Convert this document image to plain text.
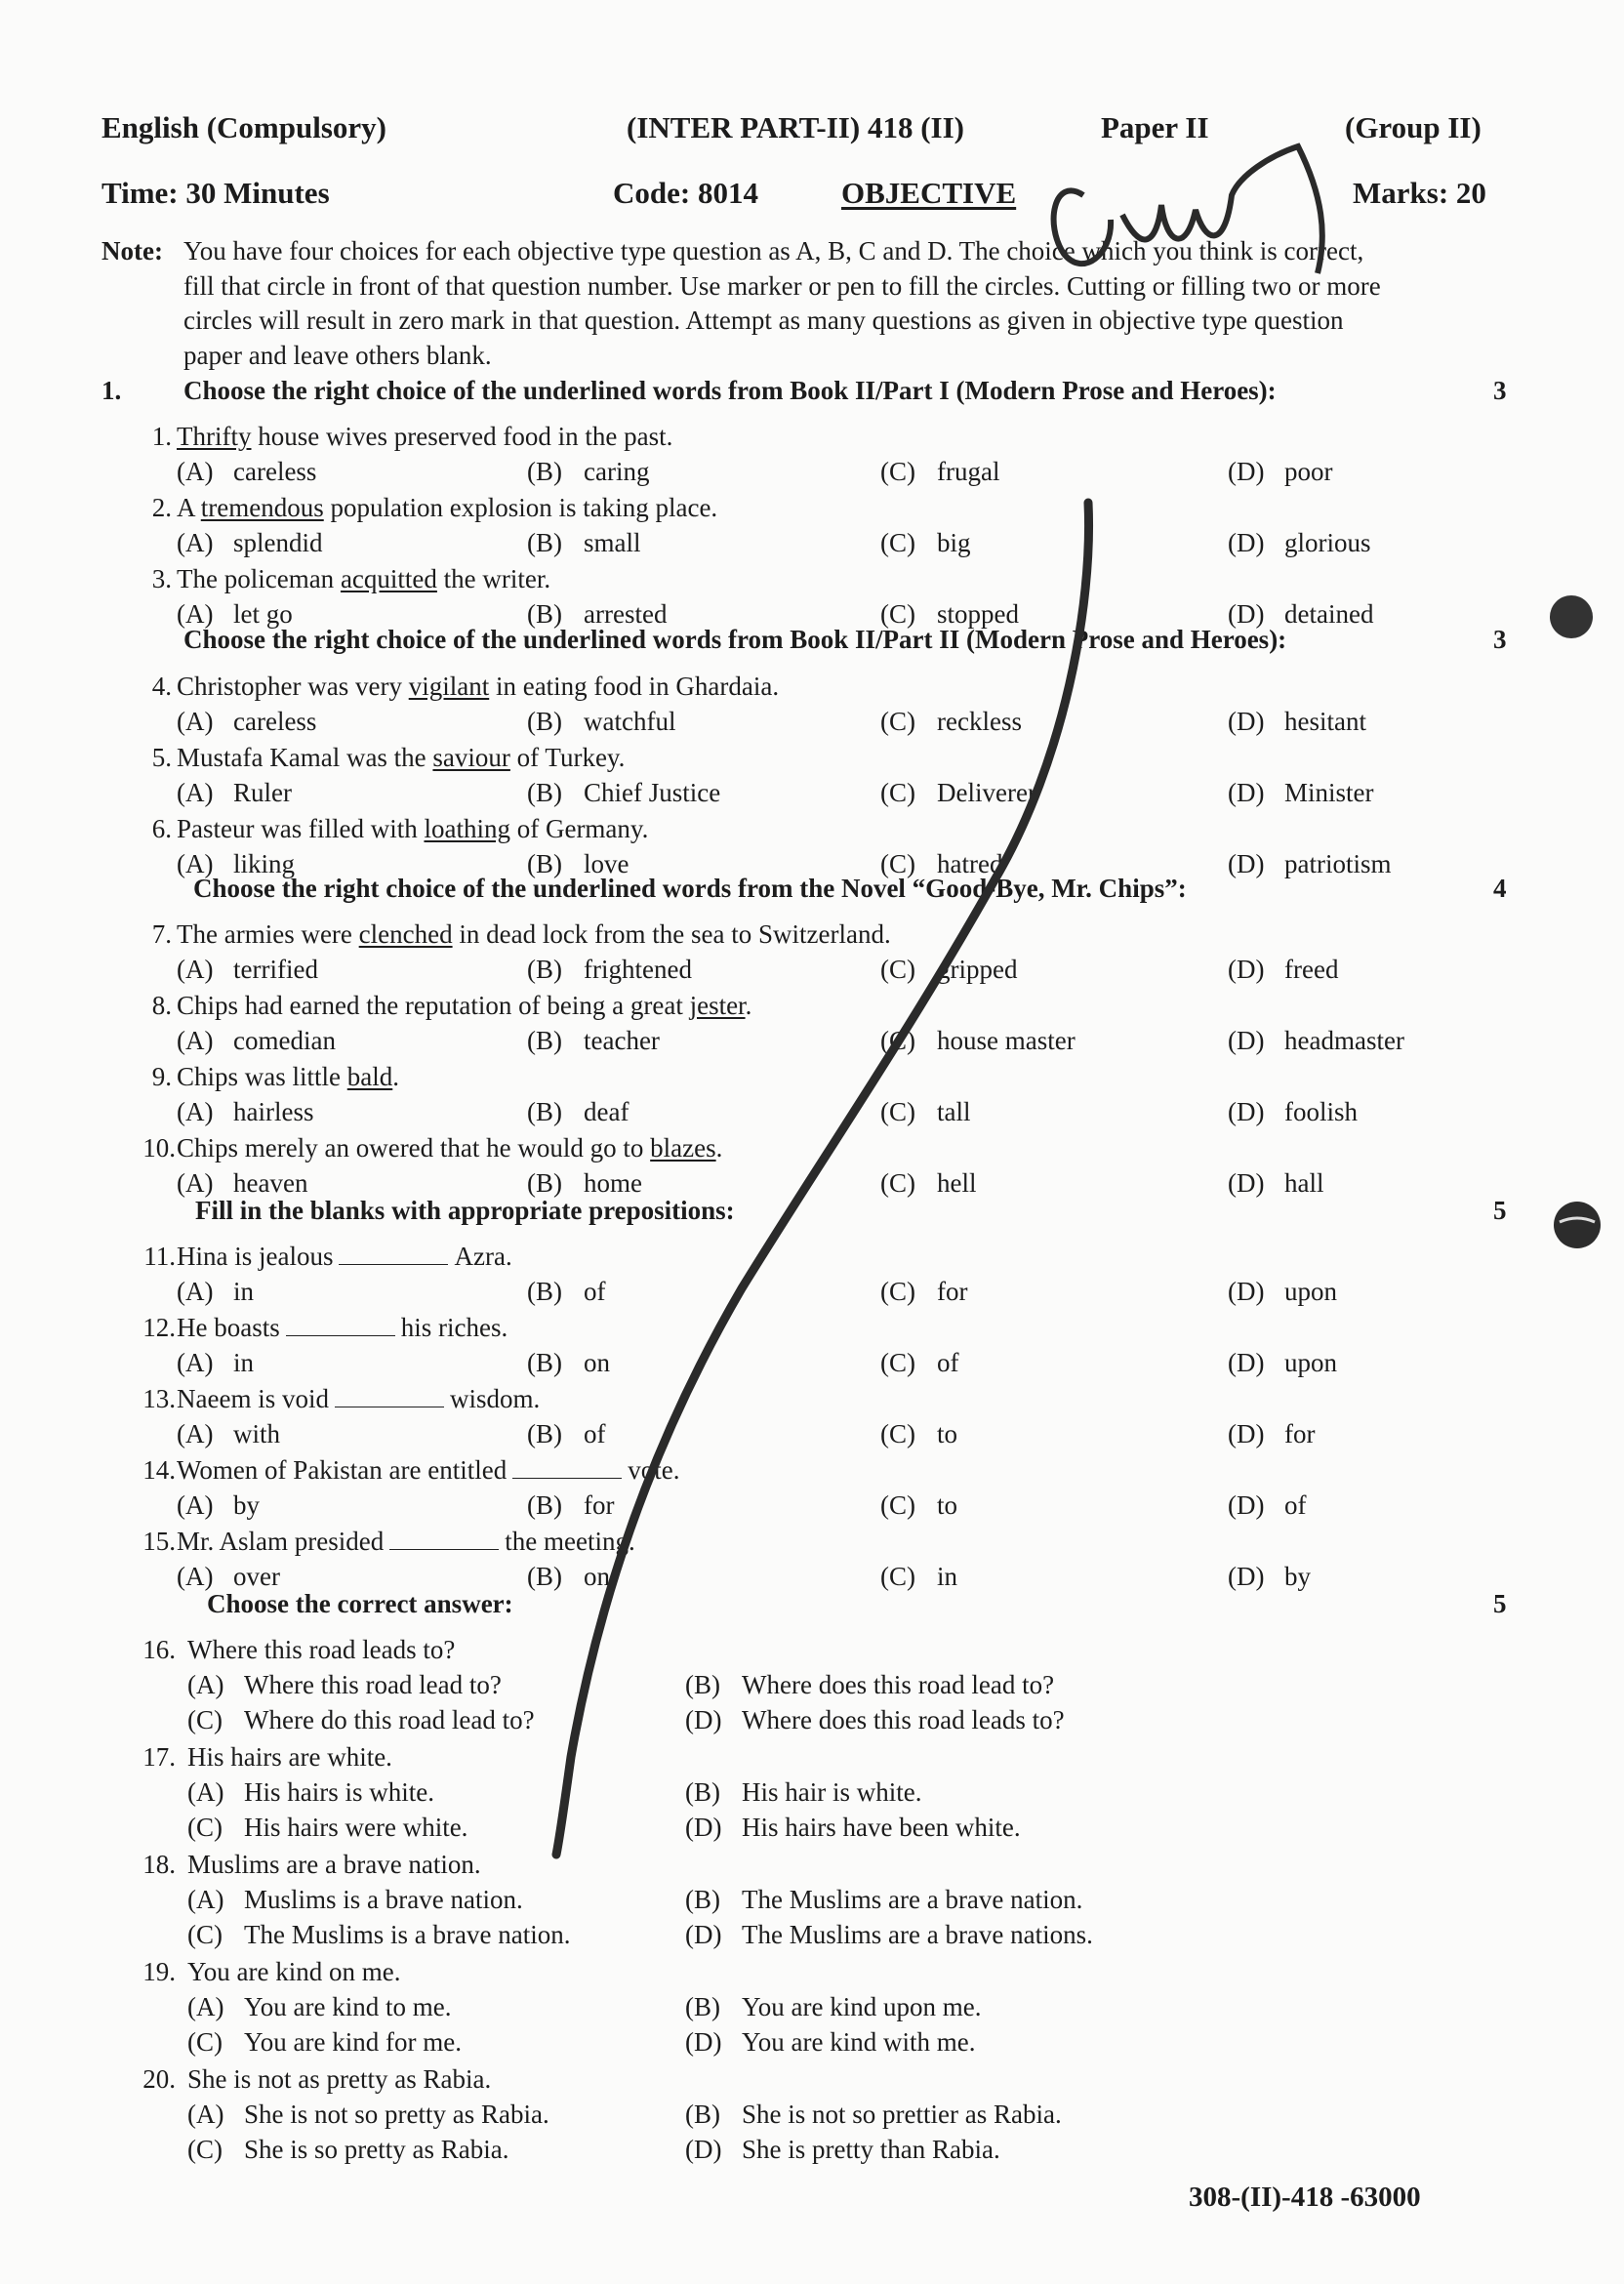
English (Compulsory)	(INTER PART-II) 418 (II)	Paper II	(Group II)
Time: 30 Minutes	Code: 8014	OBJECTIVE	Marks: 20
Note: You have four choices for each objective type question as A, B, C and D. The choice which you think is correct,
fill that circle in front of that question number. Use marker or pen to fill the circles. Cutting or filling two or more
circles will result in zero mark in that question. Attempt as many questions as given in objective type question
paper and leave others blank.
1. Choose the right choice of the underlined words from Book II/Part I (Modern Prose and Heroes):	3
Choose the right choice of the underlined words from Book II/Part II (Modern Prose and Heroes):	3
Choose the right choice of the underlined words from the Novel “Good-Bye, Mr. Chips”:	4
Fill in the blanks with appropriate prepositions:	5
Choose the correct answer:	5
1. Thrifty house wives preserved food in the past.
(A) careless	(B) caring	(C) frugal	(D) poor
2. A tremendous population explosion is taking place.
(A) splendid	(B) small	(C) big	(D) glorious
3. The policeman acquitted the writer.
(A) let go	(B) arrested	(C) stopped	(D) detained
4. Christopher was very vigilant in eating food in Ghardaia.
(A) careless	(B) watchful	(C) reckless	(D) hesitant
5. Mustafa Kamal was the saviour of Turkey.
(A) Ruler	(B) Chief Justice	(C) Deliverer	(D) Minister
6. Pasteur was filled with loathing of Germany.
(A) liking	(B) love	(C) hatred	(D) patriotism
7. The armies were clenched in dead lock from the sea to Switzerland.
(A) terrified	(B) frightened	(C) gripped	(D) freed
8. Chips had earned the reputation of being a great jester.
(A) comedian	(B) teacher	(C) house master	(D) headmaster
9. Chips was little bald.
(A) hairless	(B) deaf	(C) tall	(D) foolish
10. Chips merely an owered that he would go to blazes.
(A) heaven	(B) home	(C) hell	(D) hall
11. Hina is jealous	Azra.
(A) in	(B) of	(C) for	(D) upon
12. He boasts	his riches.
(A) in	(B) on	(C) of	(D) upon
13. Naeem is void	wisdom.
(A) with	(B) of	(C) to	(D) for
14. Women of Pakistan are entitled	vote.
(A) by	(B) for	(C) to	(D) of
15. Mr. Aslam presided	the meeting.
(A) over	(B) on	(C) in	(D) by
16. Where this road leads to?
(A) Where this road lead to?	(B) Where does this road lead to?
(C) Where do this road lead to?	(D) Where does this road leads to?
17. His hairs are white.
(A) His hairs is white.	(B) His hair is white.
(C) His hairs were white.	(D) His hairs have been white.
18. Muslims are a brave nation.
(A) Muslims is a brave nation.	(B) The Muslims are a brave nation.
(C) The Muslims is a brave nation.	(D) The Muslims are a brave nations.
19. You are kind on me.
(A) You are kind to me.	(B) You are kind upon me.
(C) You are kind for me.	(D) You are kind with me.
20. She is not as pretty as Rabia.
(A) She is not so pretty as Rabia.	(B) She is not so prettier as Rabia.
(C) She is so pretty as Rabia.	(D) She is pretty than Rabia.
308-(II)-418 -63000
